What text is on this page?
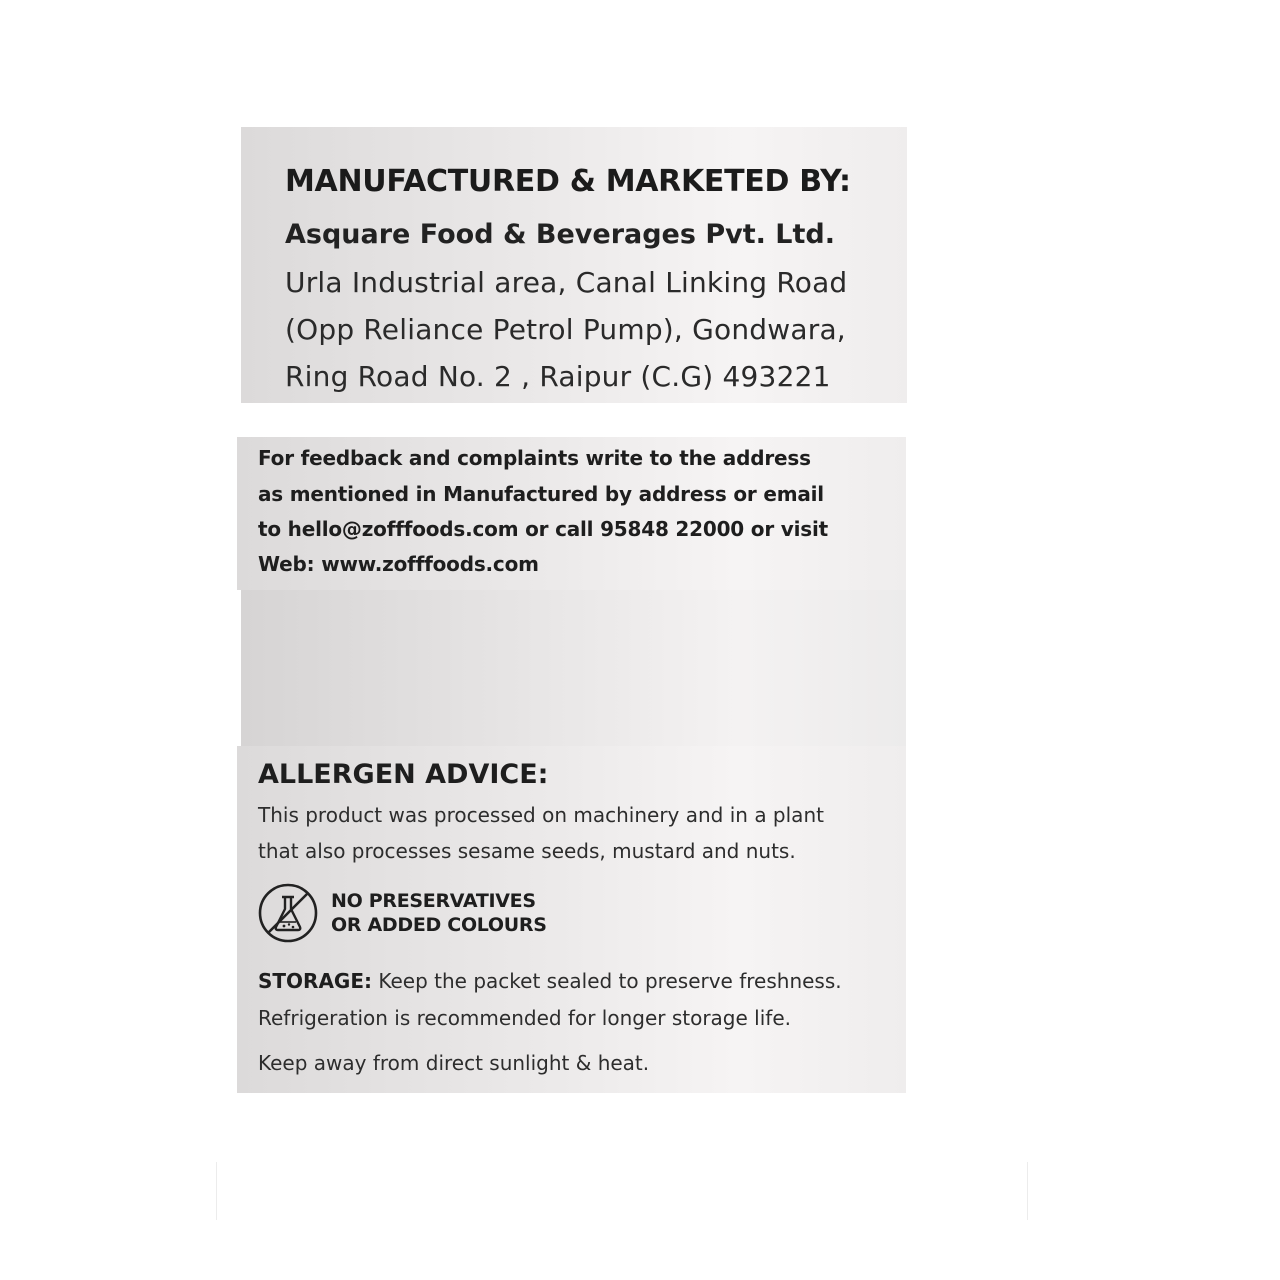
MANUFACTURED & MARKETED BY:
Asquare Food & Beverages Pvt. Ltd.
Urla Industrial area, Canal Linking Road
(Opp Reliance Petrol Pump), Gondwara,
Ring Road No. 2 , Raipur (C.G) 493221
For feedback and complaints write to the address
as mentioned in Manufactured by address or email
to hello@zofffoods.com or call 95848 22000 or visit
Web: www.zofffoods.com
ALLERGEN ADVICE:
This product was processed on machinery and in a plant
that also processes sesame seeds, mustard and nuts.
NO PRESERVATIVES
OR ADDED COLOURS
STORAGE: Keep the packet sealed to preserve freshness.
Refrigeration is recommended for longer storage life.
Keep away from direct sunlight & heat.
